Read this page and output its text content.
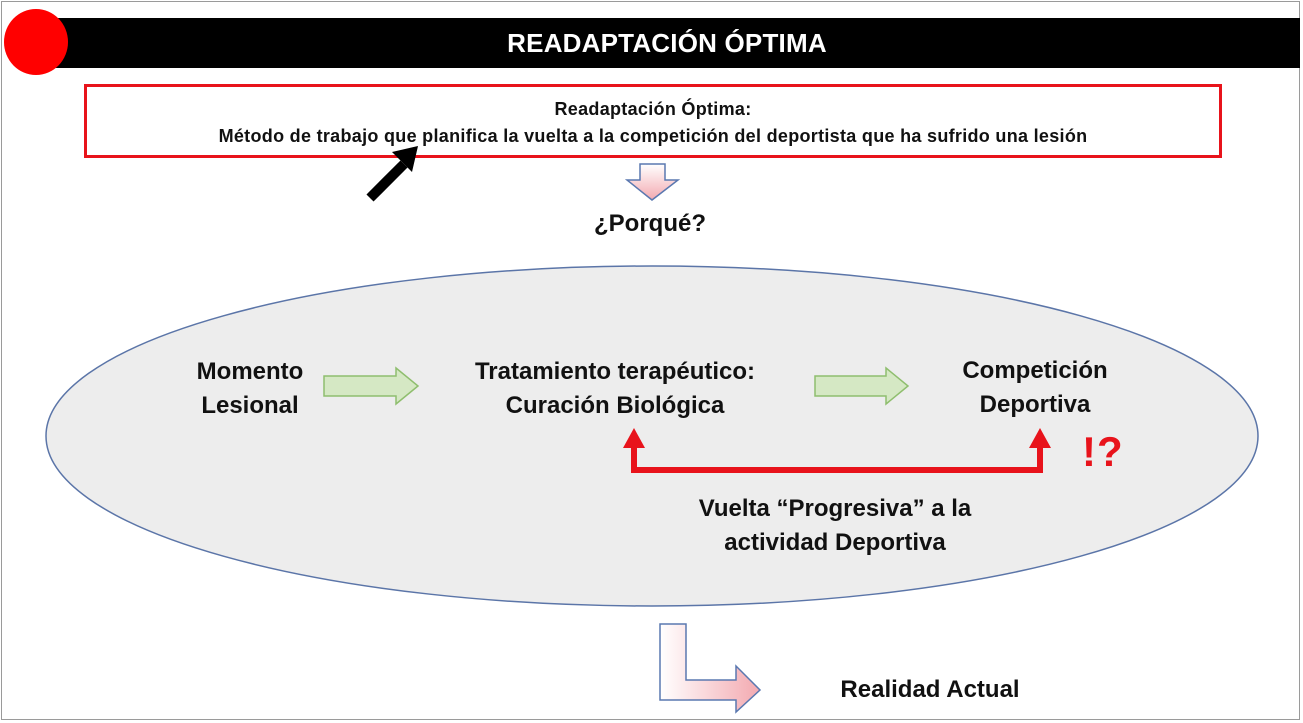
READAPTACIÓN ÓPTIMA
Readaptación Óptima:
Método de trabajo que planifica la vuelta a la competición del deportista que ha sufrido una lesión
¿Porqué?
Momento
Lesional
Tratamiento terapéutico:
Curación Biológica
Competición
Deportiva
!?
Vuelta “Progresiva” a la
actividad Deportiva
Realidad Actual
